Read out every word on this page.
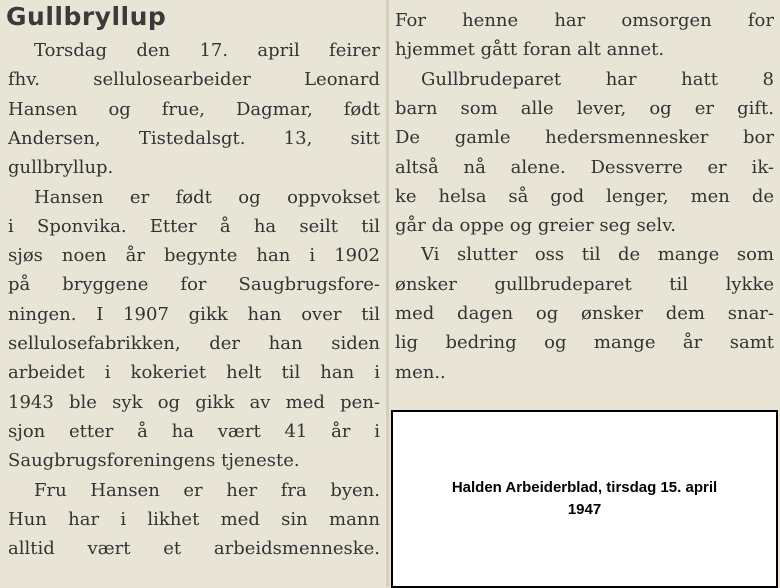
Gullbryllup
Torsdag den 17. april feirer
fhv. sellulosearbeider Leonard
Hansen og frue, Dagmar, født
Andersen, Tistedalsgt. 13, sitt
gullbryllup.
Hansen er født og oppvokset
i Sponvika. Etter å ha seilt til
sjøs noen år begynte han i 1902
på bryggene for Saugbrugsfore-
ningen. I 1907 gikk han over til
sellulosefabrikken, der han siden
arbeidet i kokeriet helt til han i
1943 ble syk og gikk av med pen-
sjon etter å ha vært 41 år i
Saugbrugsforeningens tjeneste.
Fru Hansen er her fra byen.
Hun har i likhet med sin mann
alltid vært et arbeidsmenneske.
For henne har omsorgen for
hjemmet gått foran alt annet.
Gullbrudeparet har hatt 8
barn som alle lever, og er gift.
De gamle hedersmennesker bor
altså nå alene. Dessverre er ik-
ke helsa så god lenger, men de
går da oppe og greier seg selv.
Vi slutter oss til de mange som
ønsker gullbrudeparet til lykke
med dagen og ønsker dem snar-
lig bedring og mange år samt
men..
Halden Arbeiderblad, tirsdag 15. april
1947
